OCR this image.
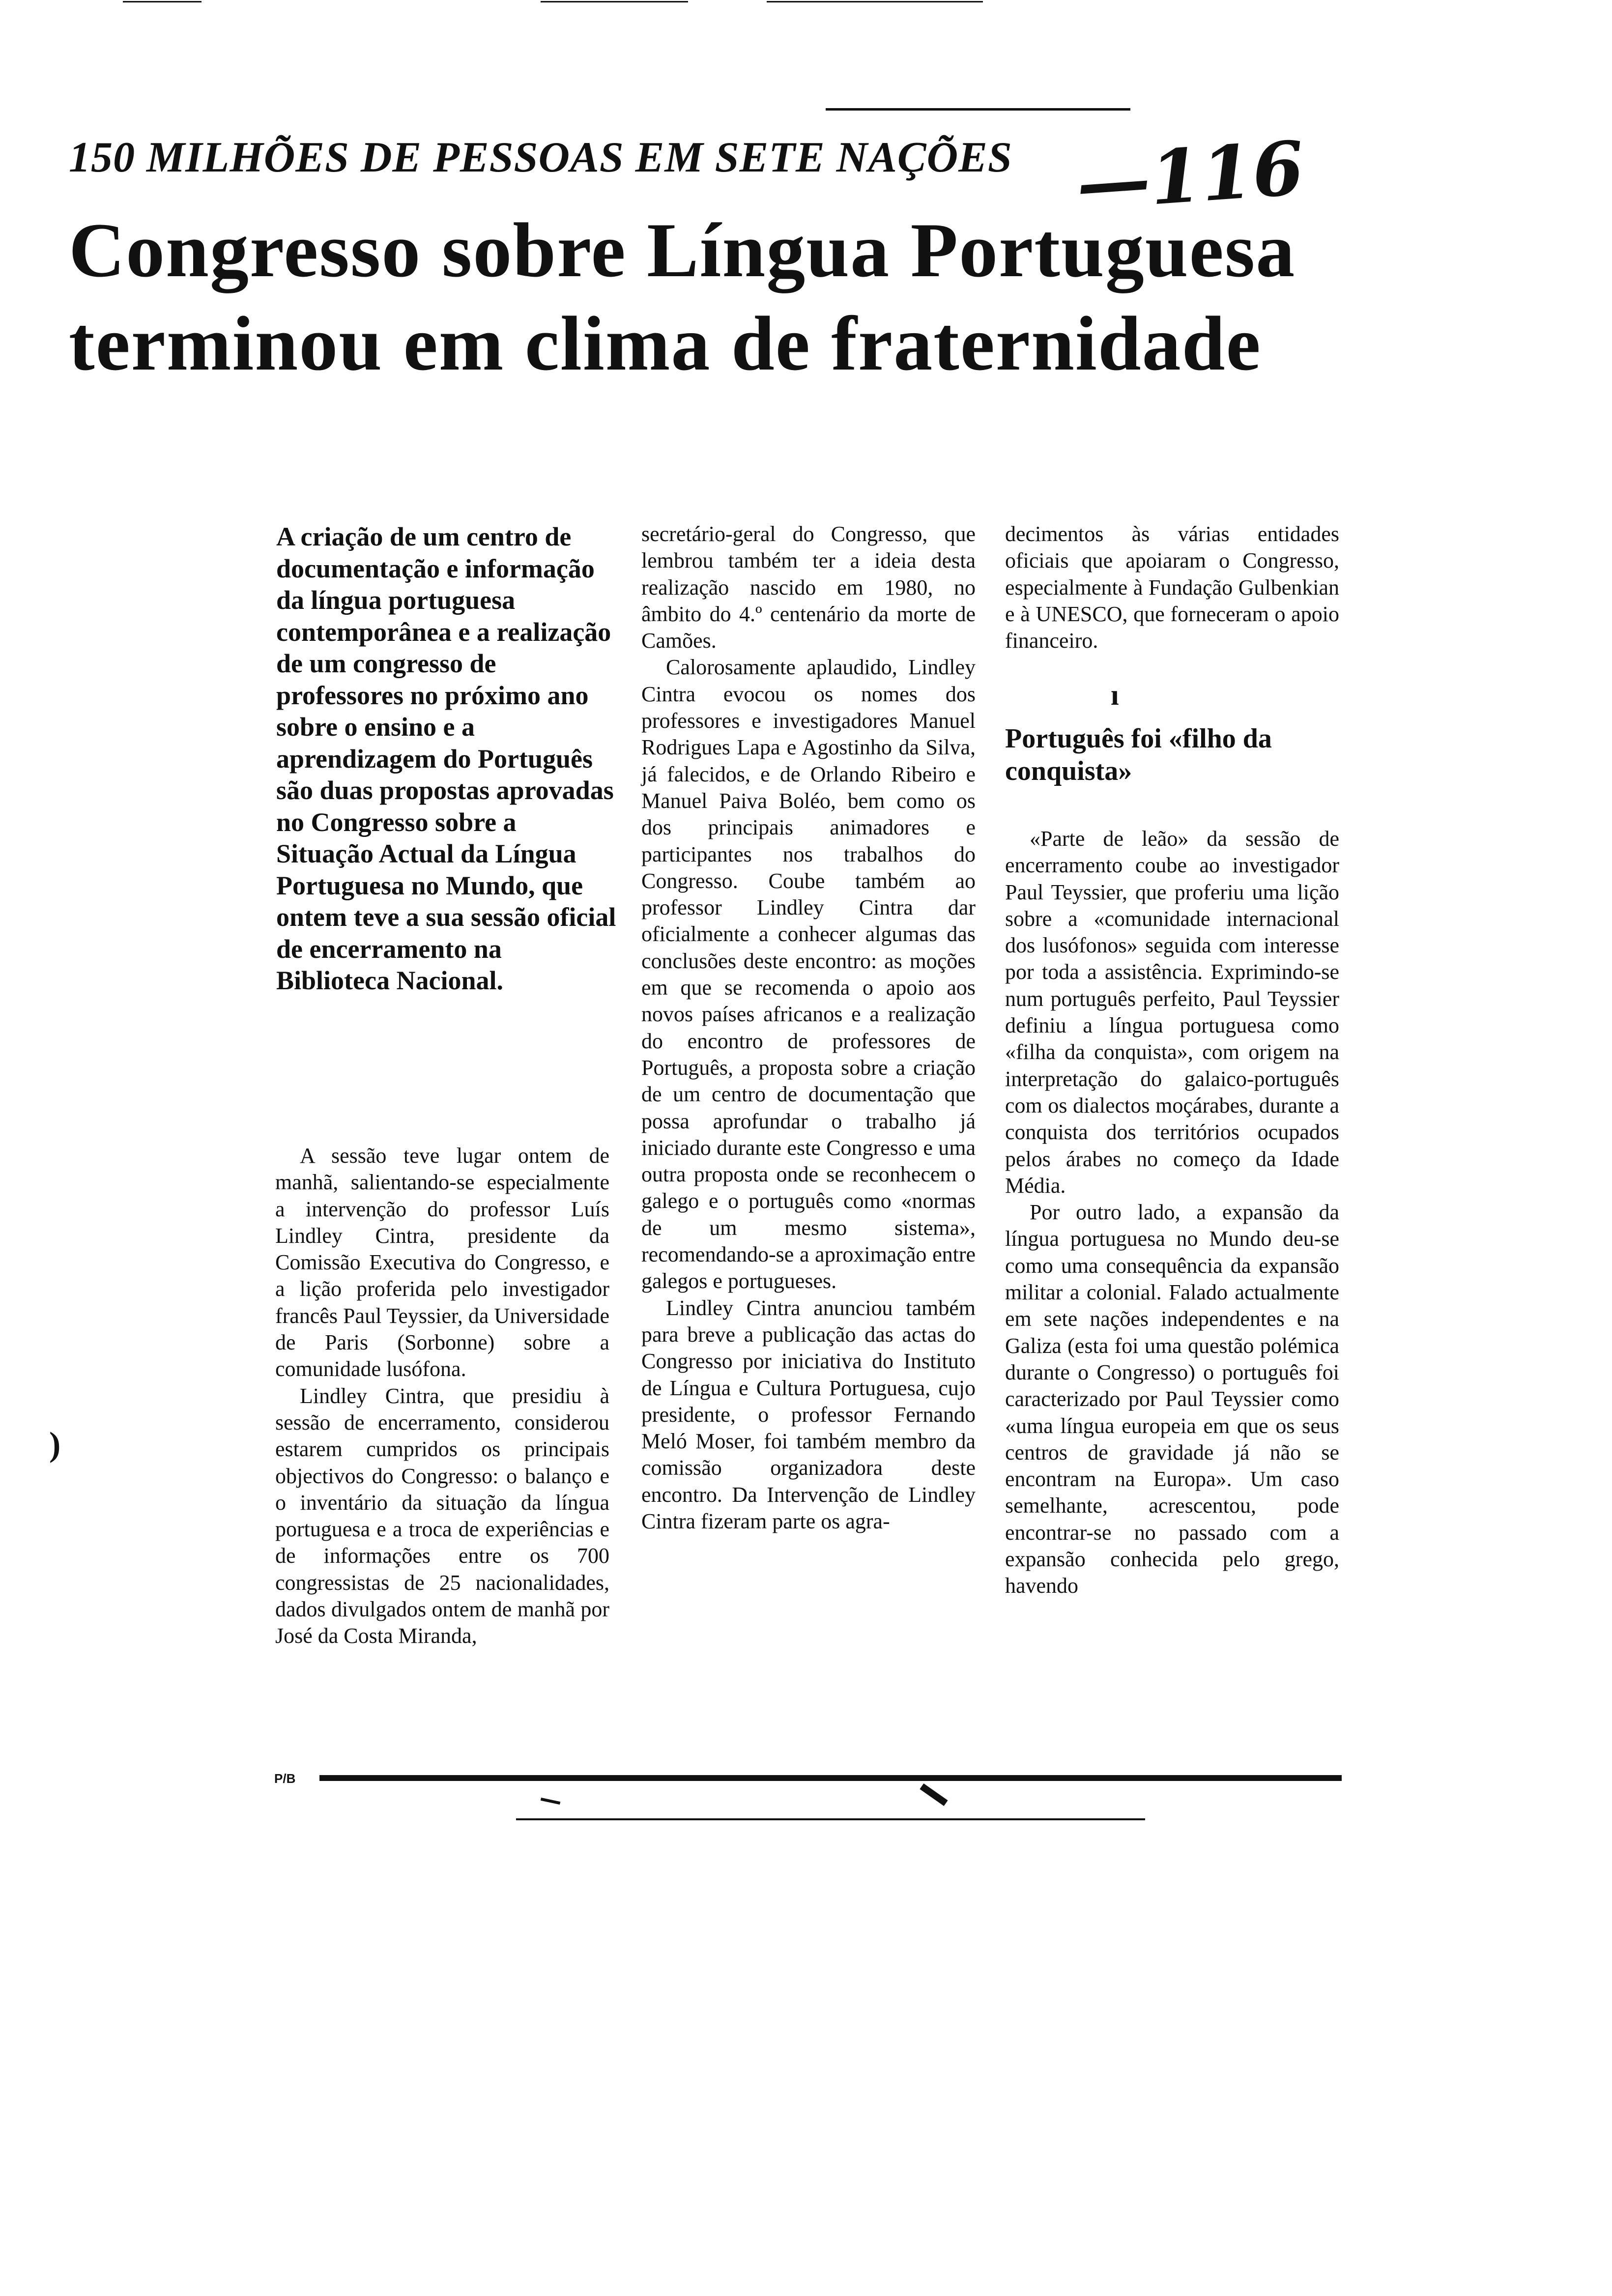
150 MILHÕES DE PESSOAS EM SETE NAÇÕES —116
Congresso sobre Língua Portuguesa
terminou em clima de fraternidade
A criação de um centro de documentação e informação da língua portuguesa contemporânea e a realização de um congresso de professores no próximo ano sobre o ensino e a aprendizagem do Português são duas propostas aprovadas no Congresso sobre a Situação Actual da Língua Portuguesa no Mundo, que ontem teve a sua sessão oficial de encerramento na Biblioteca Nacional.

A sessão teve lugar ontem de manhã, salientando-se especialmente a intervenção do professor Luís Lindley Cintra, presidente da Comissão Executiva do Congresso, e a lição proferida pelo investigador francês Paul Teyssier, da Universidade de Paris (Sorbonne) sobre a comunidade lusófona.

Lindley Cintra, que presidiu à sessão de encerramento, considerou estarem cumpridos os principais objectivos do Congresso: o balanço e o inventário da situação da língua portuguesa e a troca de experiências e de informações entre os 700 congressistas de 25 nacionalidades, dados divulgados ontem de manhã por José da Costa Miranda,

secretário-geral do Congresso, que lembrou também ter a ideia desta realização nascido em 1980, no âmbito do 4.º centenário da morte de Camões.

Calorosamente aplaudido, Lindley Cintra evocou os nomes dos professores e investigadores Manuel Rodrigues Lapa e Agostinho da Silva, já falecidos, e de Orlando Ribeiro e Manuel Paiva Boléo, bem como os dos principais animadores e participantes nos trabalhos do Congresso. Coube também ao professor Lindley Cintra dar oficialmente a conhecer algumas das conclusões deste encontro: as moções em que se recomenda o apoio aos novos países africanos e a realização do encontro de professores de Português, a proposta sobre a criação de um centro de documentação que possa aprofundar o trabalho já iniciado durante este Congresso e uma outra proposta onde se reconhecem o galego e o português como «normas de um mesmo sistema», recomendando-se a aproximação entre galegos e portugueses.

Lindley Cintra anunciou também para breve a publicação das actas do Congresso por iniciativa do Instituto de Língua e Cultura Portuguesa, cujo presidente, o professor Fernando Meló Moser, foi também membro da comissão organizadora deste encontro. Da Intervenção de Lindley Cintra fizeram parte os agra-

decimentos às várias entidades oficiais que apoiaram o Congresso, especialmente à Fundação Gulbenkian e à UNESCO, que forneceram o apoio financeiro.

Português foi «filho da conquista»

«Parte de leão» da sessão de encerramento coube ao investigador Paul Teyssier, que proferiu uma lição sobre a «comunidade internacional dos lusófonos» seguida com interesse por toda a assistência. Exprimindo-se num português perfeito, Paul Teyssier definiu a língua portuguesa como «filha da conquista», com origem na interpretação do galaico-português com os dialectos moçárabes, durante a conquista dos territórios ocupados pelos árabes no começo da Idade Média.

Por outro lado, a expansão da língua portuguesa no Mundo deu-se como uma consequência da expansão militar a colonial. Falado actualmente em sete nações independentes e na Galiza (esta foi uma questão polémica durante o Congresso) o português foi caracterizado por Paul Teyssier como «uma língua europeia em que os seus centros de gravidade já não se encontram na Europa». Um caso semelhante, acrescentou, pode encontrar-se no passado com a expansão conhecida pelo grego, havendo

)
ı
P/B
